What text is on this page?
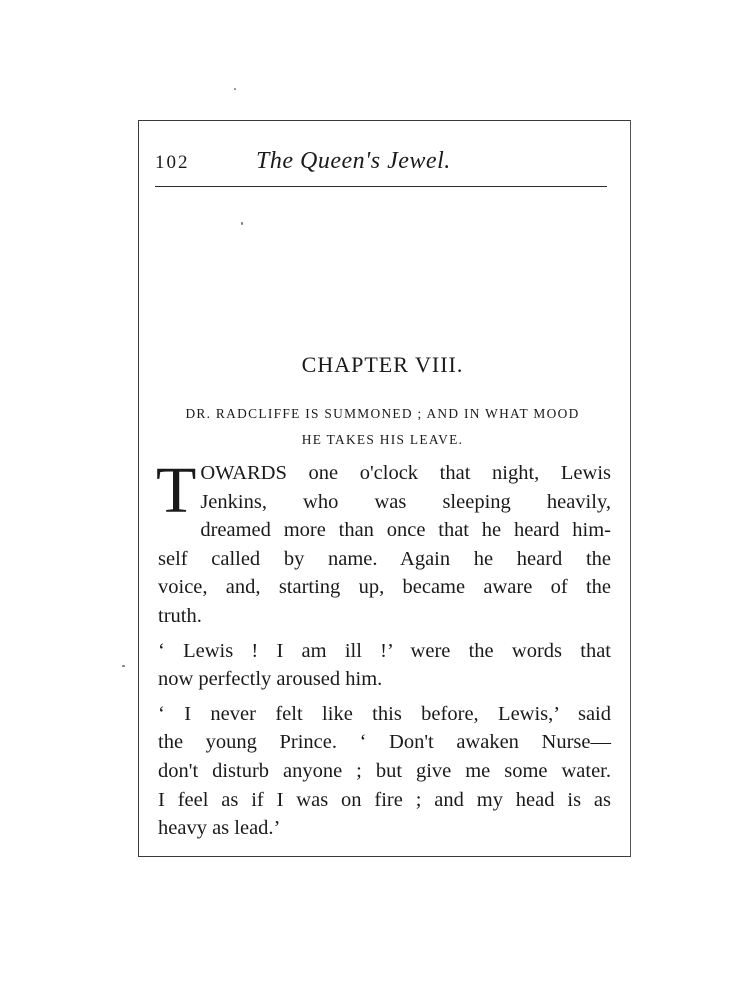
102	The Queen's Jewel.
CHAPTER VIII.
DR. RADCLIFFE IS SUMMONED ; AND IN WHAT MOOD
HE TAKES HIS LEAVE.
T OWARDS one o'clock that night, Lewis
Jenkins, who was sleeping heavily,
dreamed more than once that he heard him-
self called by name. Again he heard the
voice, and, starting up, became aware of the
truth.
‘ Lewis ! I am ill !’ were the words that
now perfectly aroused him.
‘ I never felt like this before, Lewis,’ said
the young Prince. ‘ Don't awaken Nurse—
don't disturb anyone ; but give me some water.
I feel as if I was on fire ; and my head is as
heavy as lead.’
